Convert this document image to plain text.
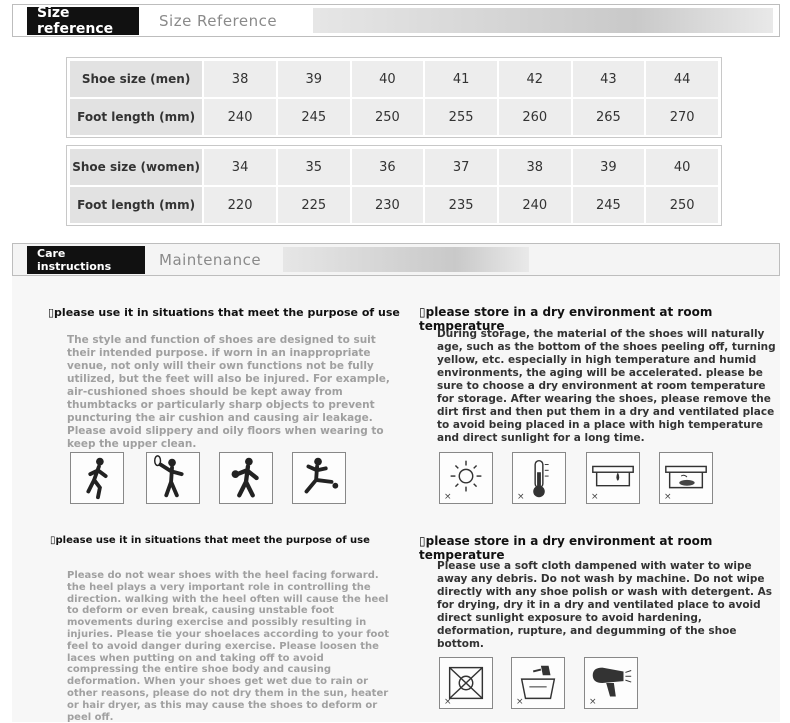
Size reference	Size Reference
Shoe size (men)	38	39	40	41	42	43	44
Foot length (mm)	240	245	250	255	260	265	270
Shoe size (women)	34	35	36	37	38	39	40
Foot length (mm)	220	225	230	235	240	245	250
Care instructions	Maintenance
▯please use it in situations that meet the purpose of use
The style and function of shoes are designed to suit their intended purpose. if worn in an inappropriate venue, not only will their own functions not be fully utilized, but the feet will also be injured. For example, air-cushioned shoes should be kept away from thumbtacks or particularly sharp objects to prevent puncturing the air cushion and causing air leakage. Please avoid slippery and oily floors when wearing to keep the upper clean.
▯please store in a dry environment at room temperature
During storage, the material of the shoes will naturally age, such as the bottom of the shoes peeling off, turning yellow, etc. especially in high temperature and humid environments, the aging will be accelerated. please be sure to choose a dry environment at room temperature for storage. After wearing the shoes, please remove the dirt first and then put them in a dry and ventilated place to avoid being placed in a place with high temperature and direct sunlight for a long time.
×	×	×	×
▯please use it in situations that meet the purpose of use
Please do not wear shoes with the heel facing forward. the heel plays a very important role in controlling the direction. walking with the heel often will cause the heel to deform or even break, causing unstable foot movements during exercise and possibly resulting in injuries. Please tie your shoelaces according to your foot feel to avoid danger during exercise. Please loosen the laces when putting on and taking off to avoid compressing the entire shoe body and causing deformation. When your shoes get wet due to rain or other reasons, please do not dry them in the sun, heater or hair dryer, as this may cause the shoes to deform or peel off.
▯please store in a dry environment at room temperature
Please use a soft cloth dampened with water to wipe away any debris. Do not wash by machine. Do not wipe directly with any shoe polish or wash with detergent. As for drying, dry it in a dry and ventilated place to avoid direct sunlight exposure to avoid hardening, deformation, rupture, and degumming of the shoe bottom.
×	×	×
